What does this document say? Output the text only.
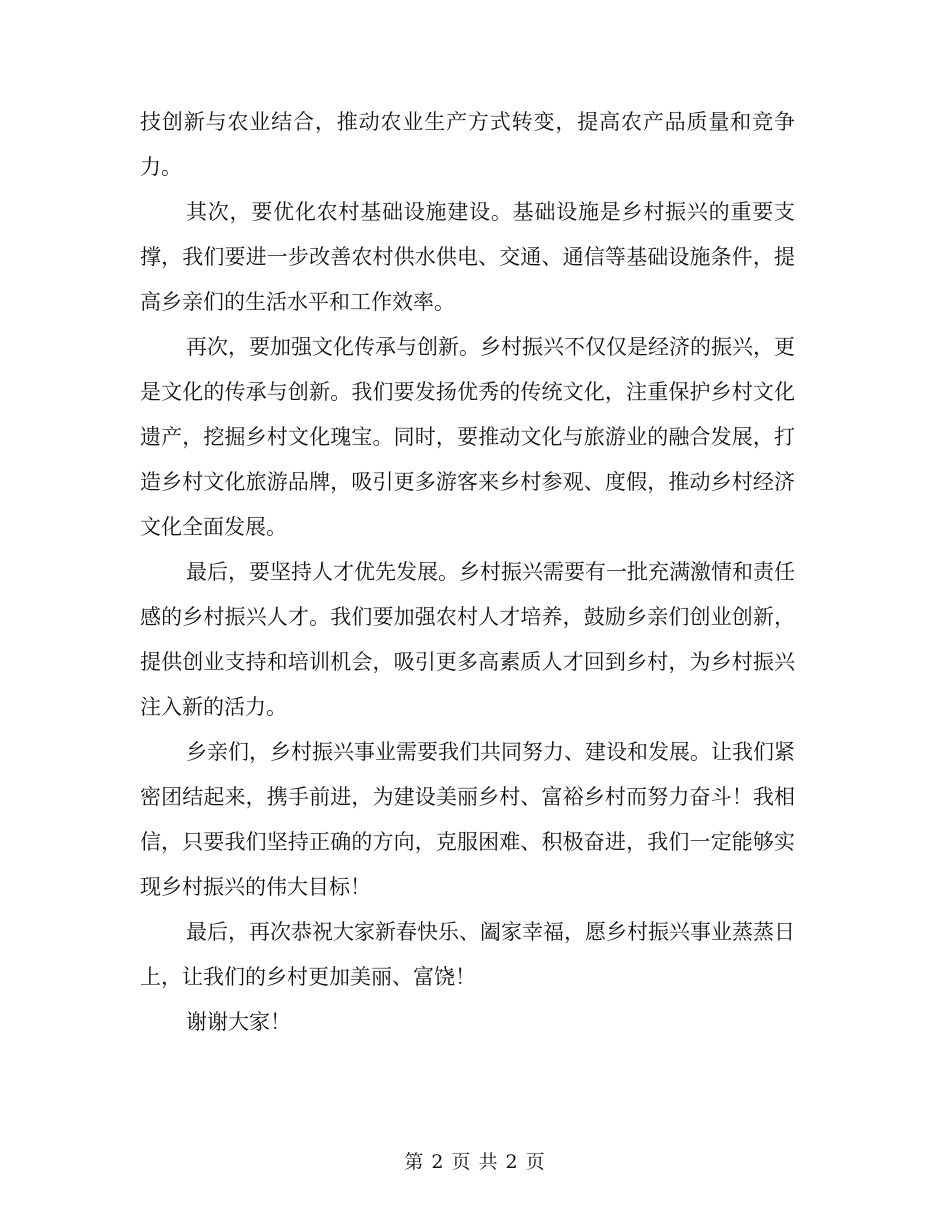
技创新与农业结合，推动农业生产方式转变，提高农产品质量和竞争力。

其次，要优化农村基础设施建设。基础设施是乡村振兴的重要支撑，我们要进一步改善农村供水供电、交通、通信等基础设施条件，提高乡亲们的生活水平和工作效率。

再次，要加强文化传承与创新。乡村振兴不仅仅是经济的振兴，更是文化的传承与创新。我们要发扬优秀的传统文化，注重保护乡村文化遗产，挖掘乡村文化瑰宝。同时，要推动文化与旅游业的融合发展，打造乡村文化旅游品牌，吸引更多游客来乡村参观、度假，推动乡村经济文化全面发展。

最后，要坚持人才优先发展。乡村振兴需要有一批充满激情和责任感的乡村振兴人才。我们要加强农村人才培养，鼓励乡亲们创业创新，提供创业支持和培训机会，吸引更多高素质人才回到乡村，为乡村振兴注入新的活力。

乡亲们，乡村振兴事业需要我们共同努力、建设和发展。让我们紧密团结起来，携手前进，为建设美丽乡村、富裕乡村而努力奋斗！我相信，只要我们坚持正确的方向，克服困难、积极奋进，我们一定能够实现乡村振兴的伟大目标！

最后，再次恭祝大家新春快乐、阖家幸福，愿乡村振兴事业蒸蒸日上，让我们的乡村更加美丽、富饶！

谢谢大家！

第 2 页 共 2 页
